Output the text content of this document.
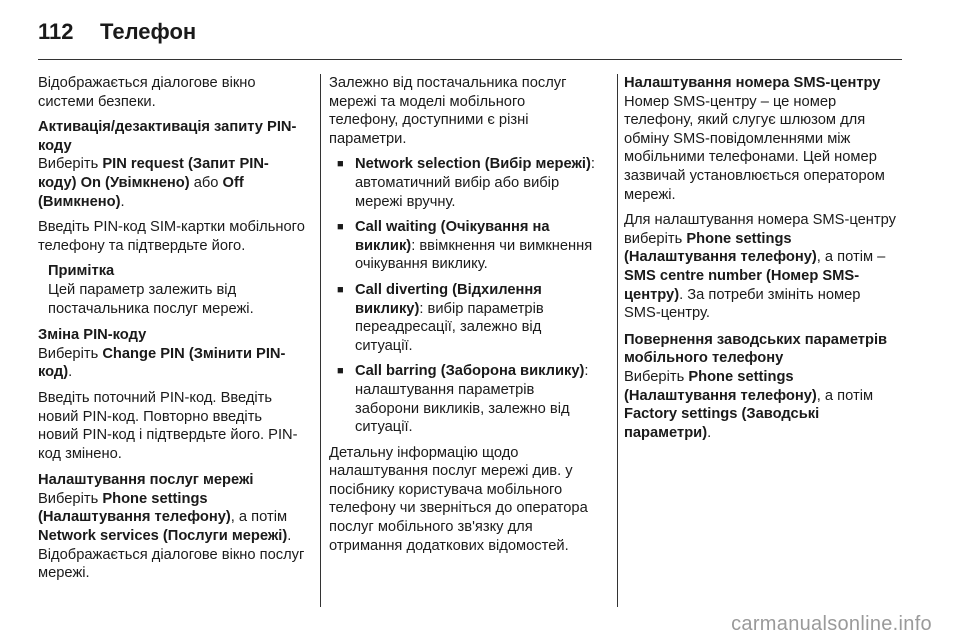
112	Телефон

Відображається діалогове вікно системи безпеки.

Активація/дезактивація запиту PIN-коду

Виберіть PIN request (Запит PIN-коду) On (Увімкнено) або Off (Вимкнено).

Введіть PIN-код SIM-картки мобільного телефону та підтвердьте його.

Примітка

Цей параметр залежить від постачальника послуг мережі.

Зміна PIN-коду

Виберіть Change PIN (Змінити PIN-код).

Введіть поточний PIN-код. Введіть новий PIN-код. Повторно введіть новий PIN-код і підтвердьте його. PIN-код змінено.

Налаштування послуг мережі

Виберіть Phone settings (Налаштування телефону), а потім Network services (Послуги мережі). Відображається діалогове вікно послуг мережі.

Залежно від постачальника послуг мережі та моделі мобільного телефону, доступними є різні параметри.

■ Network selection (Вибір мережі): автоматичний вибір або вибір мережі вручну.
■ Call waiting (Очікування на виклик): ввімкнення чи вимкнення очікування виклику.
■ Call diverting (Відхилення виклику): вибір параметрів переадресації, залежно від ситуації.
■ Call barring (Заборона виклику): налаштування параметрів заборони викликів, залежно від ситуації.

Детальну інформацію щодо налаштування послуг мережі див. у посібнику користувача мобільного телефону чи зверніться до оператора послуг мобільного зв'язку для отримання додаткових відомостей.

Налаштування номера SMS-центру

Номер SMS-центру – це номер телефону, який слугує шлюзом для обміну SMS-повідомленнями між мобільними телефонами. Цей номер зазвичай установлюється оператором мережі.

Для налаштування номера SMS-центру виберіть Phone settings (Налаштування телефону), а потім – SMS centre number (Номер SMS-центру). За потреби змініть номер SMS-центру.

Повернення заводських параметрів мобільного телефону

Виберіть Phone settings (Налаштування телефону), а потім Factory settings (Заводські параметри).

carmanualsonline.info
